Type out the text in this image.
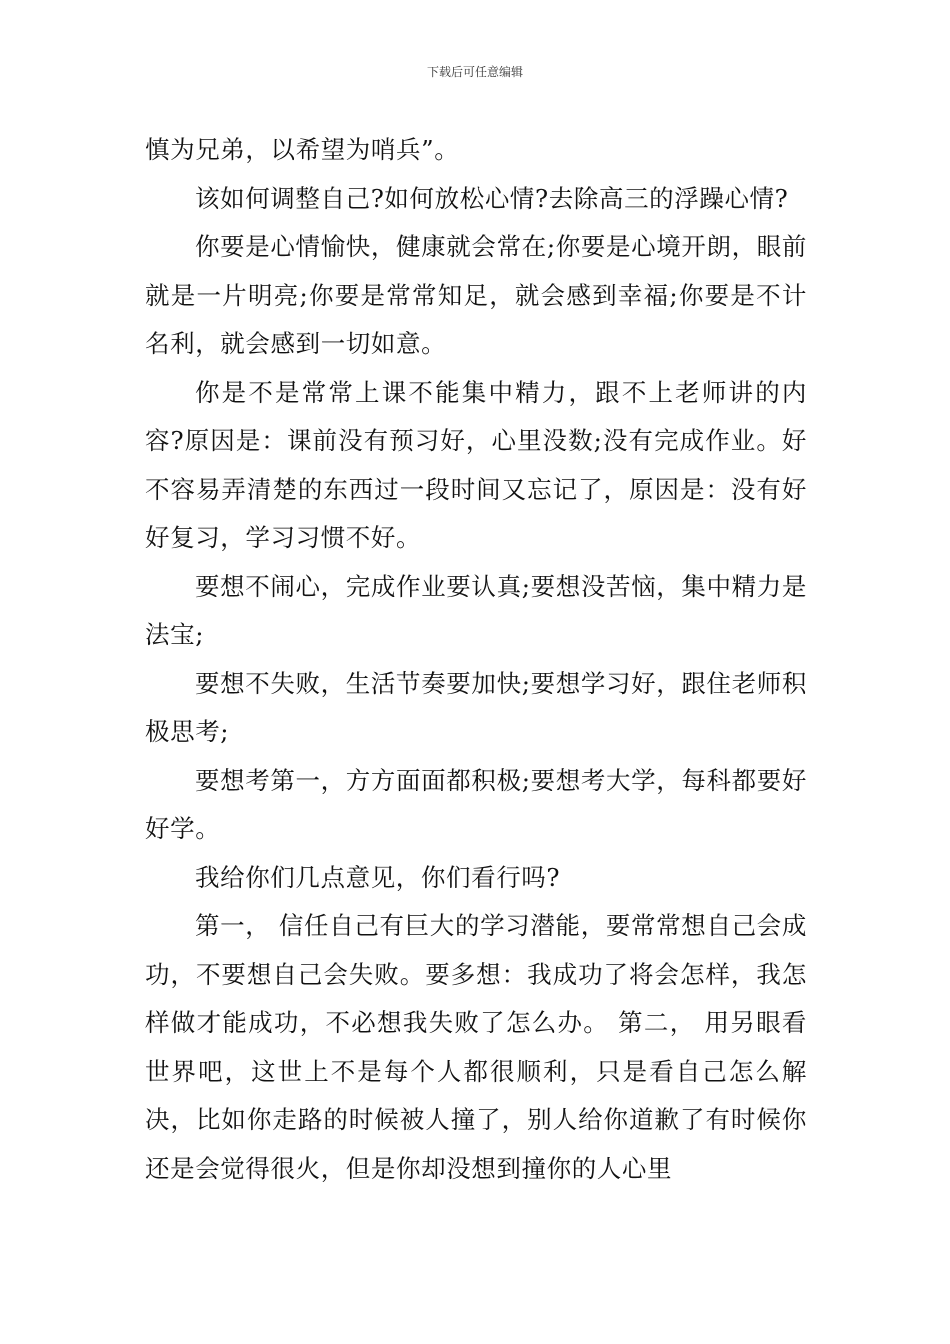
下载后可任意编辑

慎为兄弟，以希望为哨兵”。

该如何调整自己?如何放松心情?去除高三的浮躁心情?

你要是心情愉快，健康就会常在;你要是心境开朗，眼前就是一片明亮;你要是常常知足，就会感到幸福;你要是不计名利，就会感到一切如意。

你是不是常常上课不能集中精力，跟不上老师讲的内容?原因是：课前没有预习好，心里没数;没有完成作业。好不容易弄清楚的东西过一段时间又忘记了，原因是：没有好好复习，学习习惯不好。

要想不闹心，完成作业要认真;要想没苦恼，集中精力是法宝;

要想不失败，生活节奏要加快;要想学习好，跟住老师积极思考;

要想考第一，方方面面都积极;要想考大学，每科都要好好学。

我给你们几点意见，你们看行吗?

第一， 信任自己有巨大的学习潜能，要常常想自己会成功，不要想自己会失败。要多想：我成功了将会怎样，我怎样做才能成功，不必想我失败了怎么办。 第二， 用另眼看世界吧，这世上不是每个人都很顺利，只是看自己怎么解决，比如你走路的时候被人撞了，别人给你道歉了有时候你还是会觉得很火，但是你却没想到撞你的人心里
